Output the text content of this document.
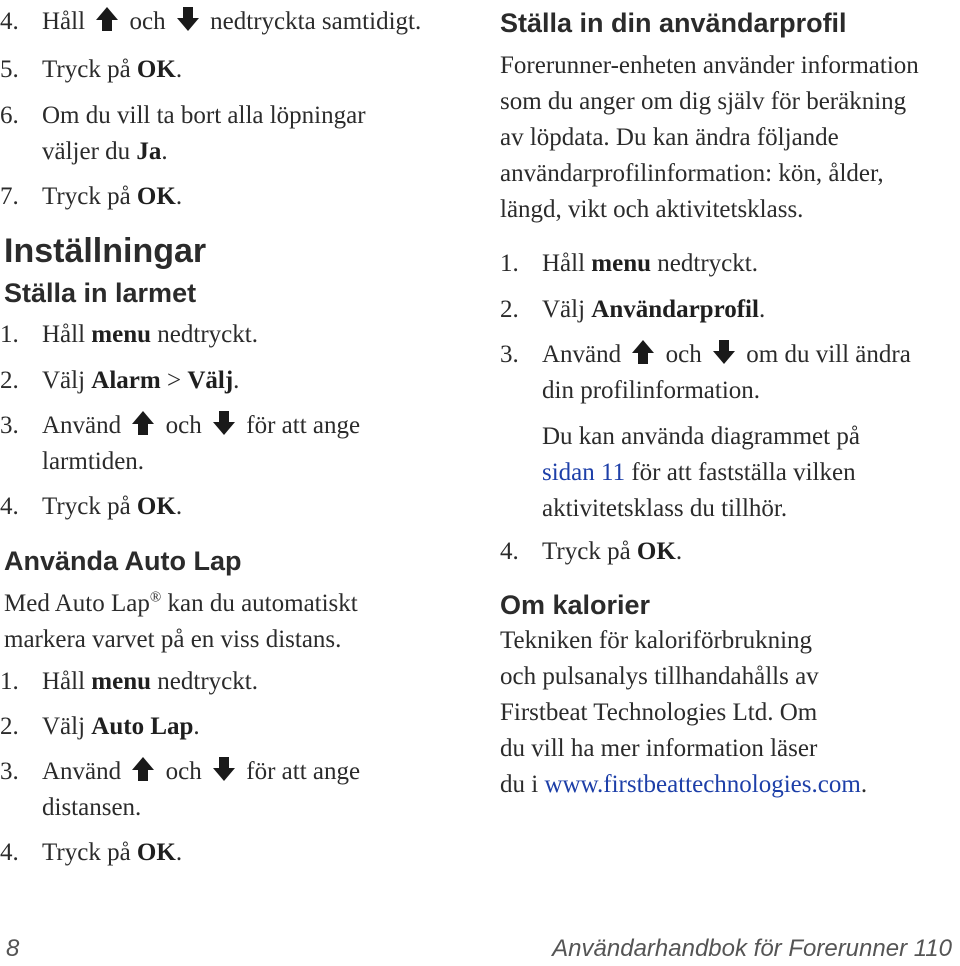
4. Håll och nedtryckta samtidigt.
5. Tryck på OK.
6. Om du vill ta bort alla löpningar
väljer du Ja.
7. Tryck på OK.
Inställningar
Ställa in larmet
1. Håll menu nedtryckt.
2. Välj Alarm > Välj.
3. Använd och för att ange
larmtiden.
4. Tryck på OK.
Använda Auto Lap
Med Auto Lap® kan du automatiskt
markera varvet på en viss distans.
1. Håll menu nedtryckt.
2. Välj Auto Lap.
3. Använd och för att ange
distansen.
4. Tryck på OK.
Ställa in din användarprofil
Forerunner-enheten använder information
som du anger om dig själv för beräkning
av löpdata. Du kan ändra följande
användarprofilinformation: kön, ålder,
längd, vikt och aktivitetsklass.
1. Håll menu nedtryckt.
2. Välj Användarprofil.
3. Använd och om du vill ändra
din profilinformation.
Du kan använda diagrammet på
sidan 11 för att fastställa vilken
aktivitetsklass du tillhör.
4. Tryck på OK.
Om kalorier
Tekniken för kaloriförbrukning
och pulsanalys tillhandahålls av
Firstbeat Technologies Ltd. Om
du vill ha mer information läser
du i www.firstbeattechnologies.com.
8	Användarhandbok för Forerunner 110
